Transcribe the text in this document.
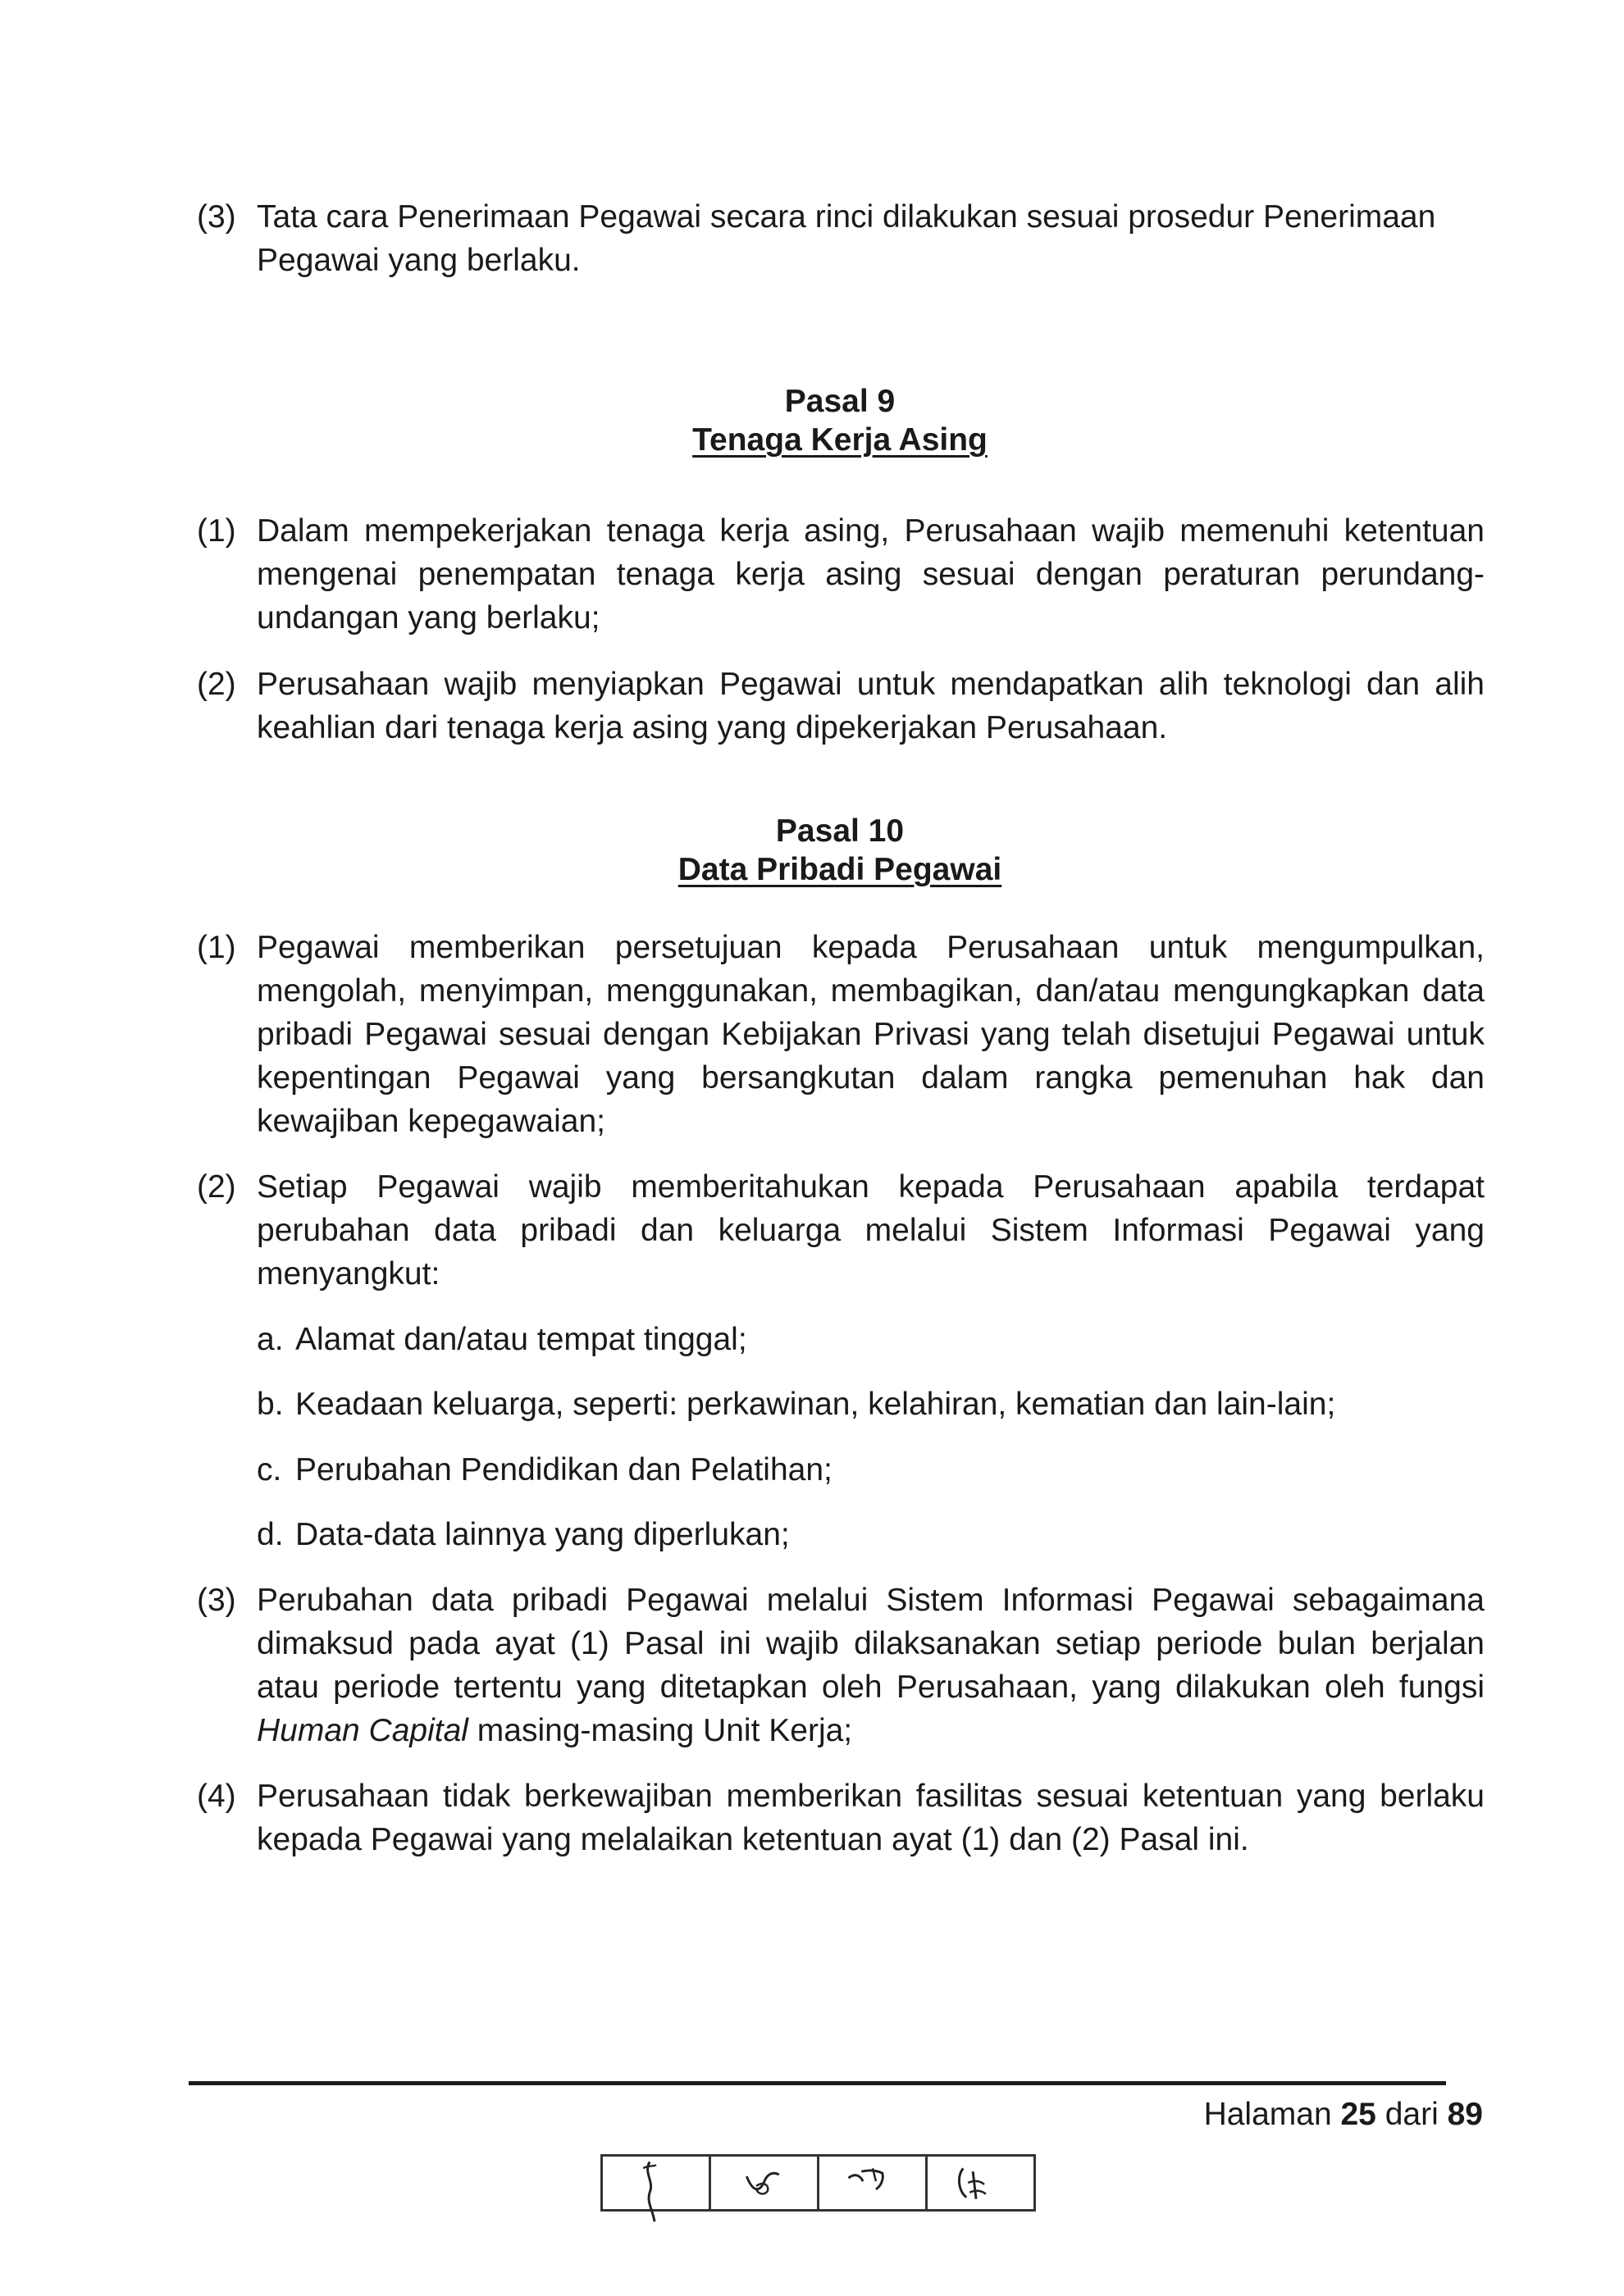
(3) Tata cara Penerimaan Pegawai secara rinci dilakukan sesuai prosedur Penerimaan Pegawai yang berlaku.
Pasal 9
Tenaga Kerja Asing
(1) Dalam mempekerjakan tenaga kerja asing, Perusahaan wajib memenuhi ketentuan mengenai penempatan tenaga kerja asing sesuai dengan peraturan perundang-undangan yang berlaku;
(2) Perusahaan wajib menyiapkan Pegawai untuk mendapatkan alih teknologi dan alih keahlian dari tenaga kerja asing yang dipekerjakan Perusahaan.
Pasal 10
Data Pribadi Pegawai
(1) Pegawai memberikan persetujuan kepada Perusahaan untuk mengumpulkan, mengolah, menyimpan, menggunakan, membagikan, dan/atau mengungkapkan data pribadi Pegawai sesuai dengan Kebijakan Privasi yang telah disetujui Pegawai untuk kepentingan Pegawai yang bersangkutan dalam rangka pemenuhan hak dan kewajiban kepegawaian;
(2) Setiap Pegawai wajib memberitahukan kepada Perusahaan apabila terdapat perubahan data pribadi dan keluarga melalui Sistem Informasi Pegawai yang menyangkut:
a. Alamat dan/atau tempat tinggal;
b. Keadaan keluarga, seperti: perkawinan, kelahiran, kematian dan lain-lain;
c. Perubahan Pendidikan dan Pelatihan;
d. Data-data lainnya yang diperlukan;
(3) Perubahan data pribadi Pegawai melalui Sistem Informasi Pegawai sebagaimana dimaksud pada ayat (1) Pasal ini wajib dilaksanakan setiap periode bulan berjalan atau periode tertentu yang ditetapkan oleh Perusahaan, yang dilakukan oleh fungsi Human Capital masing-masing Unit Kerja;
(4) Perusahaan tidak berkewajiban memberikan fasilitas sesuai ketentuan yang berlaku kepada Pegawai yang melalaikan ketentuan ayat (1) dan (2) Pasal ini.
Halaman 25 dari 89
